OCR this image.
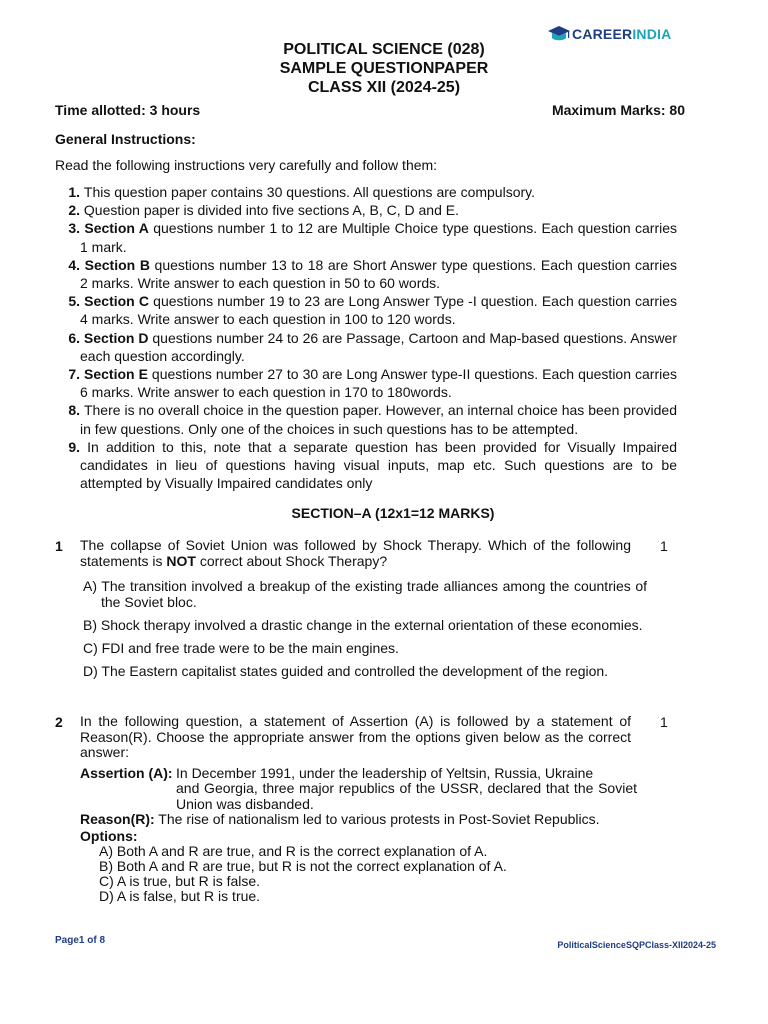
CAREERINDIA
POLITICAL SCIENCE (028)
SAMPLE QUESTIONPAPER
CLASS XII (2024-25)
Time allotted: 3 hours	Maximum Marks: 80
General Instructions:
Read the following instructions very carefully and follow them:
1. This question paper contains 30 questions. All questions are compulsory.
2. Question paper is divided into five sections A, B, C, D and E.
3. Section A questions number 1 to 12 are Multiple Choice type questions. Each question carries 1 mark.
4. Section B questions number 13 to 18 are Short Answer type questions. Each question carries 2 marks. Write answer to each question in 50 to 60 words.
5. Section C questions number 19 to 23 are Long Answer Type -I question. Each question carries 4 marks. Write answer to each question in 100 to 120 words.
6. Section D questions number 24 to 26 are Passage, Cartoon and Map-based questions. Answer each question accordingly.
7. Section E questions number 27 to 30 are Long Answer type-II questions. Each question carries 6 marks. Write answer to each question in 170 to 180words.
8. There is no overall choice in the question paper. However, an internal choice has been provided in few questions. Only one of the choices in such questions has to be attempted.
9. In addition to this, note that a separate question has been provided for Visually Impaired candidates in lieu of questions having visual inputs, map etc. Such questions are to be attempted by Visually Impaired candidates only
SECTION–A (12x1=12 MARKS)
1	1
The collapse of Soviet Union was followed by Shock Therapy. Which of the following statements is NOT correct about Shock Therapy?
A) The transition involved a breakup of the existing trade alliances among the countries of the Soviet bloc.
B) Shock therapy involved a drastic change in the external orientation of these economies.
C) FDI and free trade were to be the main engines.
D) The Eastern capitalist states guided and controlled the development of the region.
2	1
In the following question, a statement of Assertion (A) is followed by a statement of Reason(R). Choose the appropriate answer from the options given below as the correct answer:
Assertion (A): In December 1991, under the leadership of Yeltsin, Russia, Ukraine
and Georgia, three major republics of the USSR, declared that the Soviet Union was disbanded.
Reason(R): The rise of nationalism led to various protests in Post-Soviet Republics.
Options:
A) Both A and R are true, and R is the correct explanation of A.
B) Both A and R are true, but R is not the correct explanation of A.
C) A is true, but R is false.
D) A is false, but R is true.
Page1 of 8	PoliticalScienceSQPClass-XII2024-25
